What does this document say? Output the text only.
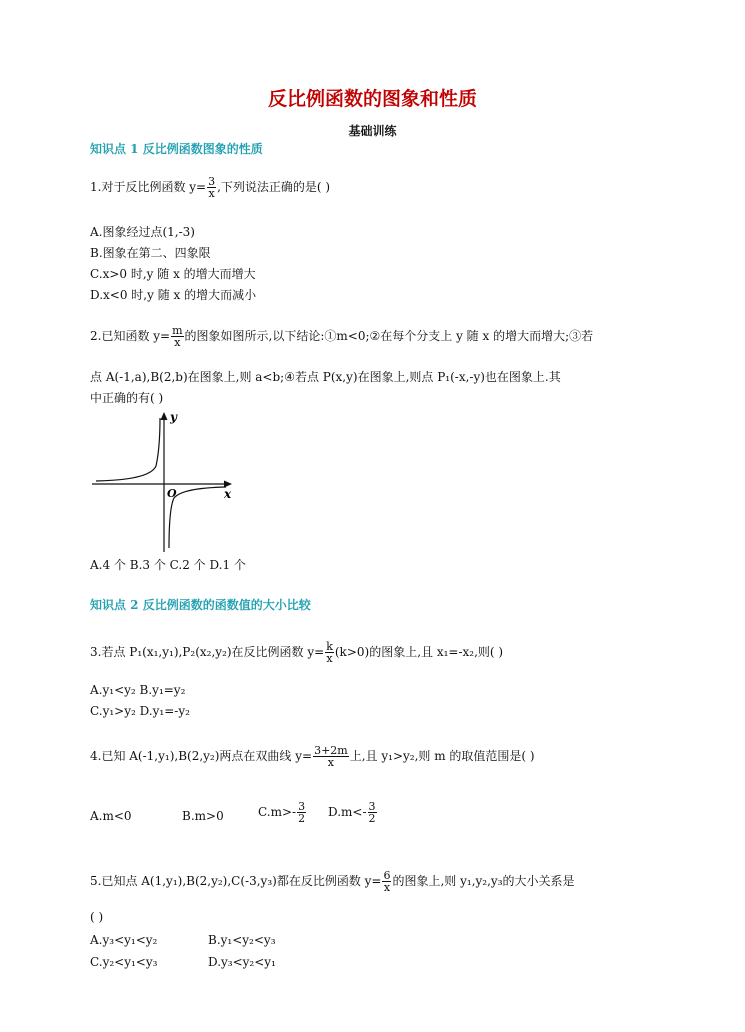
反比例函数的图象和性质
基础训练
知识点 1 反比例函数图象的性质
1.对于反比例函数 $y= \frac{3}{x}$ ,下列说法正确的是( )
A.图象经过点(1,-3)
B.图象在第二、四象限
C.x>0 时,y 随 x 的增大而增大
D.x<0 时,y 随 x 的增大而减小
2.已知函数 $y= \frac{m}{x}$ 的图象如图所示,以下结论:①m<0;②在每个分支上 y 随 x 的增大而增大;③若
点 A(-1,a),B(2,b)在图象上,则 a<b;④若点 P(x,y)在图象上,则点 P₁(-x,-y)也在图象上.其
中正确的有( )
y
x
O
A.4 个 B.3 个 C.2 个 D.1 个
知识点 2 反比例函数的函数值的大小比较
3.若点 P₁(x₁,y₁),P₂(x₂,y₂)在反比例函数 $y= \frac{k}{x} (k>0)$的图象上,且 x₁=-x₂,则( )
A.y₁<y₂ B.y₁=y₂
C.y₁>y₂ D.y₁=-y₂
4.已知 A(-1,y₁),B(2,y₂)两点在双曲线 $y= \frac{3+2m}{x}$ 上,且 y₁>y₂,则 m 的取值范围是( )
A.m<0	B.m>0	$C.m>- \frac{3}{2} D.m<- \frac{3}{2}$
5.已知点 A(1,y₁),B(2,y₂),C(-3,y₃)都在反比例函数 $y= \frac{6}{x}$ 的图象上,则 y₁,y₂,y₃的大小关系是
( )
A.y₃<y₁<y₂	B.y₁<y₂<y₃
C.y₂<y₁<y₃	D.y₃<y₂<y₁
